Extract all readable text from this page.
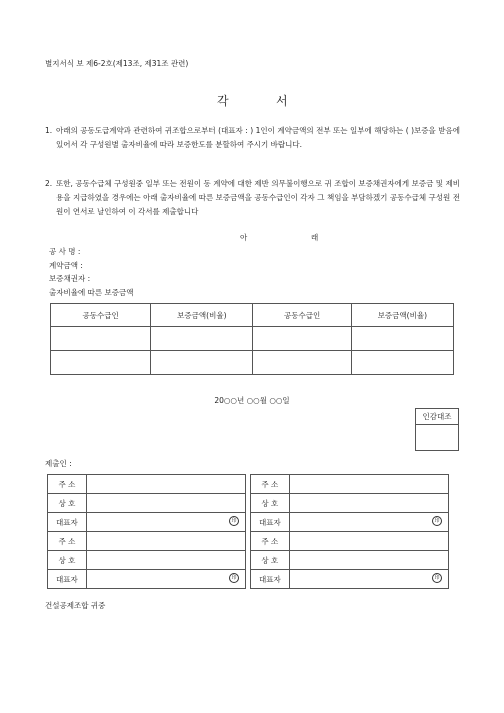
별지서식 보 제6-2호(제13조, 제31조 관련)
각	서
1. 아래의 공동도급계약과 관련하여 귀조합으로부터 (대표자 : ) 1인이 계약금액의 전부 또는 일부에 해당하는 ( )보증을 받음에 있어서 각 구성원별 출자비율에 따라 보증한도를 분할하여 주시기 바랍니다.
2. 또한, 공동수급체 구성원중 일부 또는 전원이 동 계약에 대한 제반 의무불이행으로 귀 조합이 보증채권자에게 보증금 및 제비용을 지급하였을 경우에는 아래 출자비율에 따른 보증금액을 공동수급인이 각자 그 책임을 부담하겠기 공동수급체 구성원 전원이 연서로 날인하여 이 각서를 제출합니다
아	래
공 사 명 :
계약금액 :
보증채권자 :
출자비율에 따른 보증금액
공동수급인	보증금액(비율)	공동수급인	보증금액(비율)

20○○년 ○○월 ○○일
인감대조
제출인 :
주 소			주 소	
상 호			상 호	
대표자	印		대표자	印

주 소			주 소	
상 호			상 호	
대표자	印		대표자	印
건설공제조합 귀중
